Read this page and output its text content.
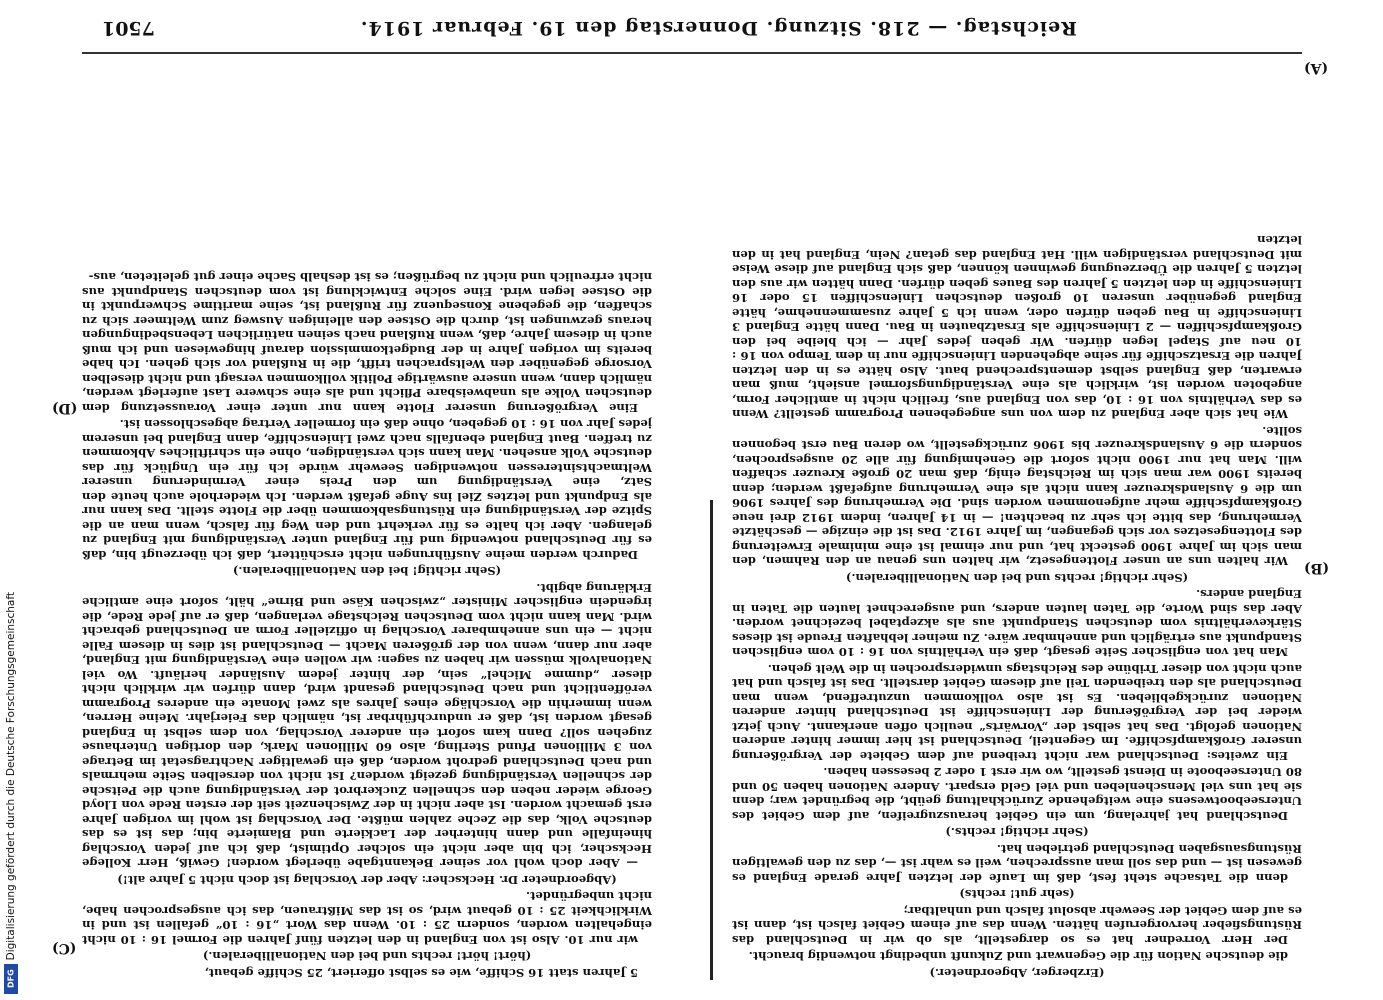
Reichstag. — 218. Sitzung. Donnerstag den 19. Februar 1914.
7501

(Erzberger, Abgeordneter.)

die deutsche Nation für die Gegenwart und Zukunft unbedingt notwendig braucht.

Der Herr Vorredner hat es so dargestellt, als ob wir in Deutschland das Rüstungsfieber hervorgerufen hätten. Wenn das auf einem Gebiet falsch ist, dann ist es auf dem Gebiet der Seewehr absolut falsch und unhaltbar;

(sehr gut! rechts)

denn die Tatsache steht fest, daß im Laufe der letzten Jahre gerade England es gewesen ist — und das soll man aussprechen, weil es wahr ist —, das zu den gewaltigen Rüstungsausgaben Deutschland getrieben hat.

(Sehr richtig! rechts.)

Deutschland hat jahrelang, um ein Gebiet herauszugreifen, auf dem Gebiet des Unterseebootwesens eine weitgehende Zurückhaltung geübt, die begründet war; denn sie hat uns viel Menschenleben und viel Geld erspart. Andere Nationen haben 50 und 80 Unterseeboote in Dienst gestellt, wo wir erst 1 oder 2 besessen haben.

Ein zweites: Deutschland war nicht treibend auf dem Gebiete der Vergrößerung unserer Großkampfschiffe. Im Gegenteil, Deutschland ist hier immer hinter anderen Nationen gefolgt. Das hat selbst der „Vorwärts“ neulich offen anerkannt. Auch jetzt wieder bei der Vergrößerung der Linienschiffe ist Deutschland hinter anderen Nationen zurückgeblieben. Es ist also vollkommen unzutreffend, wenn man Deutschland als den treibenden Teil auf diesem Gebiet darstellt. Das ist falsch und hat auch nicht von dieser Tribüne des Reichstags unwidersprochen in die Welt gehen.

Man hat von englischer Seite gesagt, daß ein Verhältnis von 16 : 10 vom englischen Standpunkt aus erträglich und annehmbar wäre. Zu meiner lebhaften Freude ist dieses Stärkeverhältnis vom deutschen Standpunkt aus als akzeptabel bezeichnet worden. Aber das sind Worte, die Taten lauten anders, und ausgerechnet lauten die Taten in England anders.

(Sehr richtig! rechts und bei den Nationalliberalen.)

Wir halten uns an unser Flottengesetz, wir halten uns genau an den Rahmen, den man sich im Jahre 1900 gesteckt hat, und nur einmal ist eine minimale Erweiterung des Flottengesetzes vor sich gegangen, im Jahre 1912. Das ist die einzige — geschätzte Vermehrung, das bitte ich sehr zu beachten! — in 14 Jahren, indem 1912 drei neue Großkampfschiffe mehr aufgenommen worden sind. Die Vermehrung des Jahres 1906 um die 6 Auslandskreuzer kann nicht als eine Vermehrung aufgefaßt werden; denn bereits 1900 war man sich im Reichstag einig, daß man 20 große Kreuzer schaffen will. Man hat nur 1900 nicht sofort die Genehmigung für alle 20 ausgesprochen, sondern die 6 Auslandskreuzer bis 1906 zurückgestellt, wo deren Bau erst begonnen sollte.

Wie hat sich aber England zu dem von uns angegebenen Programm gestellt? Wenn es das Verhältnis von 16 : 10, das von England aus, freilich nicht in amtlicher Form, angeboten worden ist, wirklich als eine Verständigungsformel ansieht, muß man erwarten, daß England selbst dementsprechend baut. Also hätte es in den letzten Jahren die Ersatzschiffe für seine abgehenden Linienschiffe nur in dem Tempo von 16 : 10 neu auf Stapel legen dürfen. Wir geben jedes Jahr — ich bleibe bei den Großkampfschiffen — 2 Linienschiffe als Ersatzbauten in Bau. Dann hätte England 3 Linienschiffe in Bau geben dürfen oder, wenn ich 5 Jahre zusammennehme, hätte England gegenüber unseren 10 großen deutschen Linienschiffen 15 oder 16 Linienschiffe in den letzten 5 Jahren des Baues geben dürfen. Dann hätten wir aus den letzten 5 Jahren die Überzeugung gewinnen können, daß sich England auf diese Weise mit Deutschland verständigen will. Hat England das getan? Nein, England hat in den letzten

5 Jahren statt 16 Schiffe, wie es selbst offeriert, 25 Schiffe gebaut,

(hört! hört! rechts und bei den Nationalliberalen.)

wir nur 10. Also ist von England in den letzten fünf Jahren die Formel 16 : 10 nicht eingehalten worden, sondern 25 : 10. Wenn das Wort „16 : 10“ gefallen ist und in Wirklichkeit 25 : 10 gebaut wird, so ist das Mißtrauen, das ich ausgesprochen habe, nicht unbegründet.

(Abgeordneter Dr. Heckscher: Aber der Vorschlag ist doch nicht 5 Jahre alt!)

— Aber doch wohl vor seiner Bekanntgabe überlegt worden! Gewiß, Herr Kollege Heckscher, ich bin aber nicht ein solcher Optimist, daß ich auf jeden Vorschlag hineinfalle und dann hinterher der Lackierte und Blamierte bin; das ist es das deutsche Volk, das die Zeche zahlen müßte. Der Vorschlag ist wohl im vorigen Jahre erst gemacht worden. Ist aber nicht in der Zwischenzeit seit der ersten Rede von Lloyd George wieder neben den schnellen Zuckerbrot der Verständigung auch die Peitsche der schnellen Verständigung gezeigt worden? Ist nicht von derselben Seite mehrmals und nach Deutschland gedroht worden, daß ein gewaltiger Nachtragsetat im Betrage von 3 Millionen Pfund Sterling, also 60 Millionen Mark, den dortigen Unterhause zugehen soll? Dann kam sofort ein anderer Vorschlag, von dem selbst in England gesagt worden ist, daß er undurchführbar ist, nämlich das Feierjahr. Meine Herren, wenn immerhin die Vorschläge eines Jahres als zwei Monate ein anderes Programm veröffentlicht und nach Deutschland gesandt wird, dann dürfen wir wirklich nicht dieser „dumme Michel“ sein, der hinter jedem Ausländer herläuft. Wo viel Nationalvolk müssen wir haben zu sagen: wir wollen eine Verständigung mit England, aber nur dann, wenn von der größeren Macht — Deutschland ist dies in diesem Falle nicht — ein uns annehmbarer Vorschlag in offizieller Form an Deutschland gebracht wird. Man kann nicht vom Deutschen Reichstage verlangen, daß er auf jede Rede, die irgendein englischer Minister „zwischen Käse und Birne“ hält, sofort eine amtliche Erklärung abgibt.

(Sehr richtig! bei den Nationalliberalen.)

Dadurch werden meine Ausführungen nicht erschüttert, daß ich überzeugt bin, daß es für Deutschland notwendig und für England unter Verständigung mit England zu gelangen. Aber ich halte es für verkehrt und den Weg für falsch, wenn man an die Spitze der Verständigung ein Rüstungsabkommen über die Flotte stellt. Das kann nur als Endpunkt und letztes Ziel ins Auge gefaßt werden. Ich wiederhole auch heute den Satz, eine Verständigung um den Preis einer Verminderung unserer Weltmachtsinteressen notwendigen Seewehr würde ich für ein Unglück für das deutsche Volk ansehen. Man kann sich verständigen, ohne ein schriftliches Abkommen zu treffen. Baut England ebenfalls nach zwei Linienschiffe, dann England bei unserem jedes Jahr von 16 : 10 gegeben, ohne daß ein formeller Vertrag abgeschlossen ist.

Eine Vergrößerung unserer Flotte kann nur unter einer Voraussetzung dem deutschen Volke als unabweisbare Pflicht und als eine schwere Last auferlegt werden, nämlich dann, wenn unsere auswärtige Politik vollkommen versagt und nicht dieselben Vorsorge gegenüber den Weltsprachen trifft, die in Rußland vor sich gehen. Ich habe bereits im vorigen Jahre in der Budgetkommission darauf hingewiesen und ich muß auch in diesem Jahre, daß, wenn Rußland nach seinen natürlichen Lebensbedingungen heraus gezwungen ist, durch die Ostsee den alleinigen Ausweg zum Weltmeer sich zu schaffen, die gegebene Konsequenz für Rußland ist, seine maritime Schwerpunkt in die Ostsee legen wird. Eine solche Entwicklung ist vom deutschen Standpunkt aus nicht erfreulich und nicht zu begrüßen; es ist deshalb Sache einer gut geleiteten, aus-

(A)
(B)
(C)
(D)
Digitalisierung gefördert durch die Deutsche Forschungsgemeinschaft
DFG
